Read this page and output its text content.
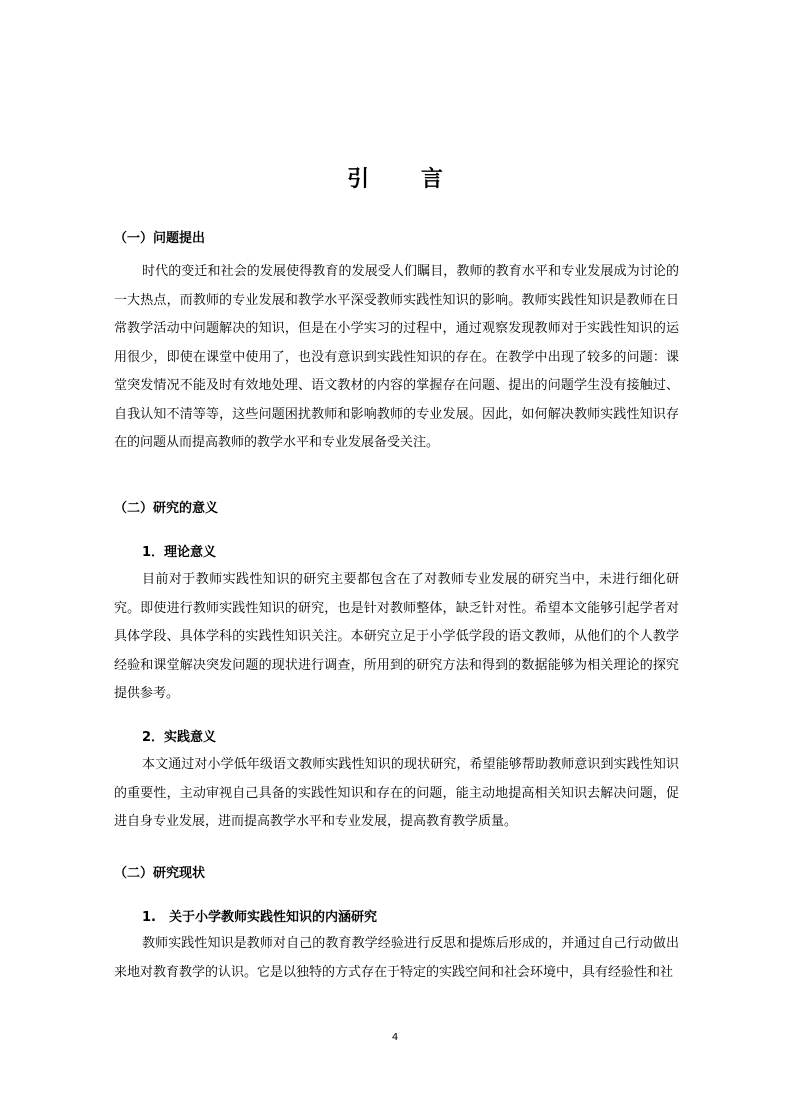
引 言
（一）问题提出
时代的变迁和社会的发展使得教育的发展受人们瞩目，教师的教育水平和专业发展成为讨论的一大热点，而教师的专业发展和教学水平深受教师实践性知识的影响。教师实践性知识是教师在日常教学活动中问题解决的知识，但是在小学实习的过程中，通过观察发现教师对于实践性知识的运用很少，即使在课堂中使用了，也没有意识到实践性知识的存在。在教学中出现了较多的问题：课堂突发情况不能及时有效地处理、语文教材的内容的掌握存在问题、提出的问题学生没有接触过、自我认知不清等等，这些问题困扰教师和影响教师的专业发展。因此，如何解决教师实践性知识存在的问题从而提高教师的教学水平和专业发展备受关注。
（二）研究的意义
1．理论意义
目前对于教师实践性知识的研究主要都包含在了对教师专业发展的研究当中，未进行细化研究。即使进行教师实践性知识的研究，也是针对教师整体，缺乏针对性。希望本文能够引起学者对具体学段、具体学科的实践性知识关注。本研究立足于小学低学段的语文教师，从他们的个人教学经验和课堂解决突发问题的现状进行调查，所用到的研究方法和得到的数据能够为相关理论的探究提供参考。
2．实践意义
本文通过对小学低年级语文教师实践性知识的现状研究，希望能够帮助教师意识到实践性知识的重要性，主动审视自己具备的实践性知识和存在的问题，能主动地提高相关知识去解决问题，促进自身专业发展，进而提高教学水平和专业发展，提高教育教学质量。
（二）研究现状
1. 关于小学教师实践性知识的内涵研究
教师实践性知识是教师对自己的教育教学经验进行反思和提炼后形成的，并通过自己行动做出来地对教育教学的认识。它是以独特的方式存在于特定的实践空间和社会环境中，具有经验性和社
4
